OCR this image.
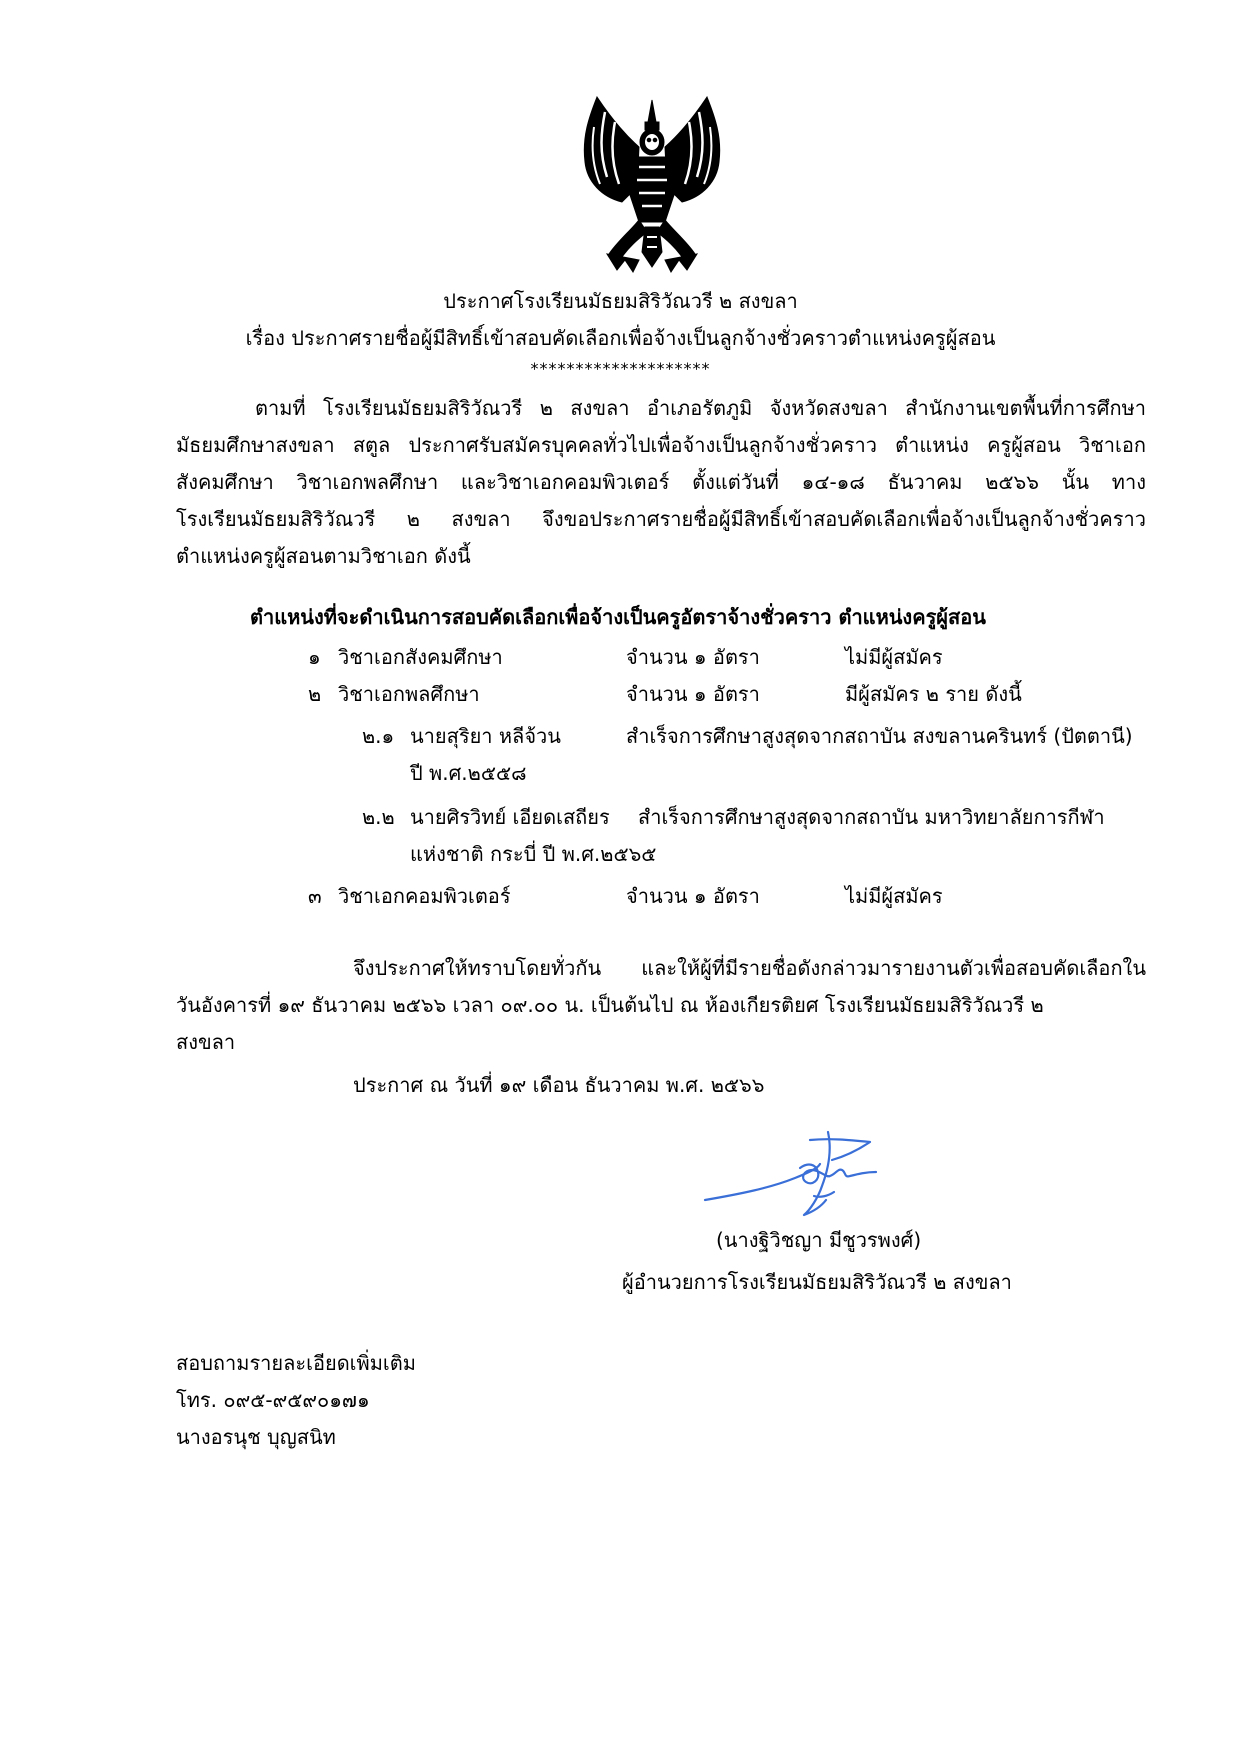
ประกาศโรงเรียนมัธยมสิริวัณวรี ๒ สงขลา
เรื่อง ประกาศรายชื่อผู้มีสิทธิ์เข้าสอบคัดเลือกเพื่อจ้างเป็นลูกจ้างชั่วคราวตำแหน่งครูผู้สอน
********************
ตามที่ โรงเรียนมัธยมสิริวัณวรี ๒ สงขลา อำเภอรัตภูมิ จังหวัดสงขลา สำนักงานเขตพื้นที่การศึกษา
มัธยมศึกษาสงขลา สตูล ประกาศรับสมัครบุคคลทั่วไปเพื่อจ้างเป็นลูกจ้างชั่วคราว ตำแหน่ง ครูผู้สอน วิชาเอก
สังคมศึกษา วิชาเอกพลศึกษา และวิชาเอกคอมพิวเตอร์ ตั้งแต่วันที่ ๑๔-๑๘ ธันวาคม ๒๕๖๖ นั้น ทาง
โรงเรียนมัธยมสิริวัณวรี ๒ สงขลา จึงขอประกาศรายชื่อผู้มีสิทธิ์เข้าสอบคัดเลือกเพื่อจ้างเป็นลูกจ้างชั่วคราว
ตำแหน่งครูผู้สอนตามวิชาเอก ดังนี้
ตำแหน่งที่จะดำเนินการสอบคัดเลือกเพื่อจ้างเป็นครูอัตราจ้างชั่วคราว ตำแหน่งครูผู้สอน
๑ วิชาเอกสังคมศึกษา	จำนวน ๑ อัตรา	ไม่มีผู้สมัคร
๒ วิชาเอกพลศึกษา	จำนวน ๑ อัตรา	มีผู้สมัคร ๒ ราย ดังนี้
๒.๑ นายสุริยา หลีจ้วน	สำเร็จการศึกษาสูงสุดจากสถาบัน สงขลานครินทร์ (ปัตตานี)
ปี พ.ศ.๒๕๕๘
๒.๒ นายศิรวิทย์ เอียดเสถียร สำเร็จการศึกษาสูงสุดจากสถาบัน มหาวิทยาลัยการกีฬา
แห่งชาติ กระบี่ ปี พ.ศ.๒๕๖๕
๓ วิชาเอกคอมพิวเตอร์	จำนวน ๑ อัตรา	ไม่มีผู้สมัคร
จึงประกาศให้ทราบโดยทั่วกัน และให้ผู้ที่มีรายชื่อดังกล่าวมารายงานตัวเพื่อสอบคัดเลือกใน
วันอังคารที่ ๑๙ ธันวาคม ๒๕๖๖ เวลา ๐๙.๐๐ น. เป็นต้นไป ณ ห้องเกียรติยศ โรงเรียนมัธยมสิริวัณวรี ๒
สงขลา
ประกาศ ณ วันที่ ๑๙ เดือน ธันวาคม พ.ศ. ๒๕๖๖
(นางฐิวิชญา มีชูวรพงศ์)
ผู้อำนวยการโรงเรียนมัธยมสิริวัณวรี ๒ สงขลา
สอบถามรายละเอียดเพิ่มเติม
โทร. ๐๙๕-๙๕๙๐๑๗๑
นางอรนุช บุญสนิท
